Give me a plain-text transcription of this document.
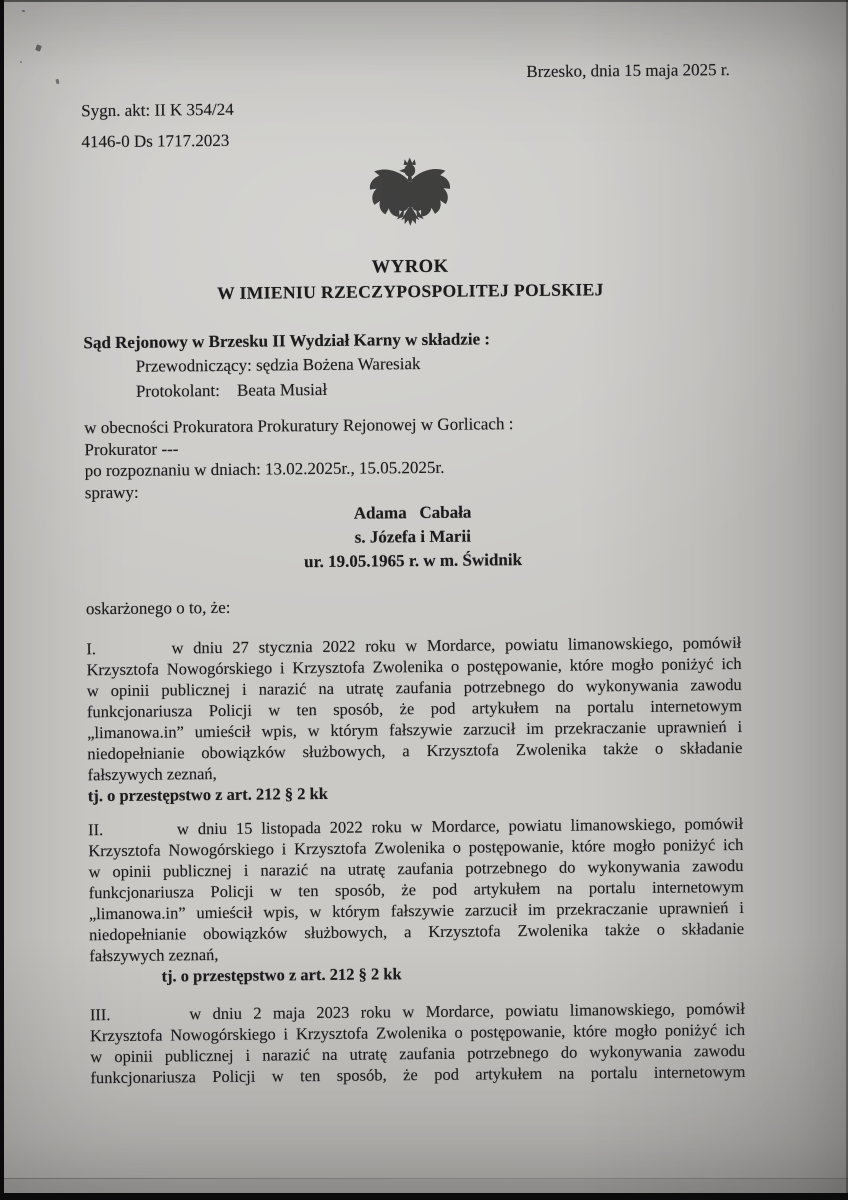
Brzesko, dnia 15 maja 2025 r.
Sygn. akt: II K 354/24
4146-0 Ds 1717.2023
WYROK
W IMIENIU RZECZYPOSPOLITEJ POLSKIEJ
Sąd Rejonowy w Brzesku II Wydział Karny w składzie :
Przewodniczący: sędzia Bożena Waresiak
Protokolant:    Beata Musiał
w obecności Prokuratora Prokuratury Rejonowej w Gorlicach :
Prokurator ---
po rozpoznaniu w dniach: 13.02.2025r., 15.05.2025r.
sprawy:
Adama   Cabała
s. Józefa i Marii
ur. 19.05.1965 r. w m. Świdnik
oskarżonego o to, że:
I.	w dniu 27 stycznia 2022 roku w Mordarce, powiatu limanowskiego, pomówił
Krzysztofa Nowogórskiego i Krzysztofa Zwolenika o postępowanie, które mogło poniżyć ich
w opinii publicznej i narazić na utratę zaufania potrzebnego do wykonywania zawodu
funkcjonariusza Policji w ten sposób, że pod artykułem na portalu internetowym
„limanowa.in” umieścił wpis, w którym fałszywie zarzucił im przekraczanie uprawnień i
niedopełnianie obowiązków służbowych, a Krzysztofa Zwolenika także o składanie
fałszywych zeznań,
tj. o przestępstwo z art. 212 § 2 kk
II.	w dniu 15 listopada 2022 roku w Mordarce, powiatu limanowskiego, pomówił
Krzysztofa Nowogórskiego i Krzysztofa Zwolenika o postępowanie, które mogło poniżyć ich
w opinii publicznej i narazić na utratę zaufania potrzebnego do wykonywania zawodu
funkcjonariusza Policji w ten sposób, że pod artykułem na portalu internetowym
„limanowa.in” umieścił wpis, w którym fałszywie zarzucił im przekraczanie uprawnień i
niedopełnianie obowiązków służbowych, a Krzysztofa Zwolenika także o składanie
fałszywych zeznań,
tj. o przestępstwo z art. 212 § 2 kk
III.	w dniu 2 maja 2023 roku w Mordarce, powiatu limanowskiego, pomówił
Krzysztofa Nowogórskiego i Krzysztofa Zwolenika o postępowanie, które mogło poniżyć ich
w opinii publicznej i narazić na utratę zaufania potrzebnego do wykonywania zawodu
funkcjonariusza Policji w ten sposób, że pod artykułem na portalu internetowym
